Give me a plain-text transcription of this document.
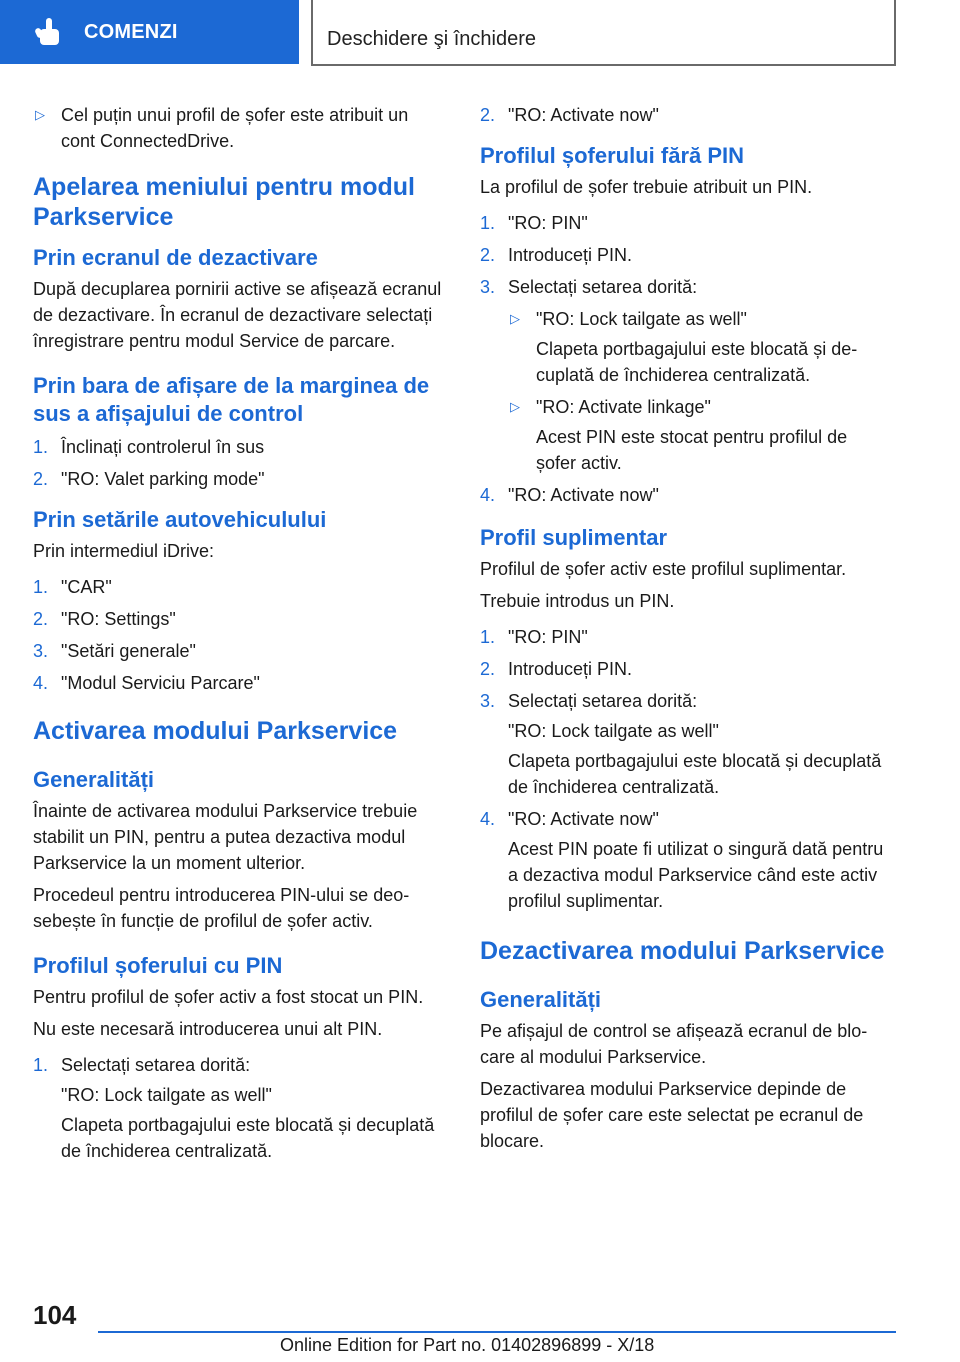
COMENZI	Deschidere şi închidere
▷ Cel puțin unui profil de șofer este atribuit un cont ConnectedDrive.
Apelarea meniului pentru modul Parkservice
Prin ecranul de dezactivare

După decuplarea pornirii active se afișează ecranul de dezactivare. În ecranul de dezactivare selectați înregistrare pentru modul Service de parcare.

Prin bara de afișare de la marginea de sus a afișajului de control
1. Înclinați controlerul în sus
2. "RO: Valet parking mode"
Prin setările autovehiculului

Prin intermediul iDrive:

1. "CAR"
2. "RO: Settings"
3. "Setări generale"
4. "Modul Serviciu Parcare"
Activarea modului Parkservice
Generalități

Înainte de activarea modului Parkservice trebuie stabilit un PIN, pentru a putea dezactiva modul Parkservice la un moment ulterior.

Procedeul pentru introducerea PIN-ului se deosebește în funcție de profilul de șofer activ.

Profilul șoferului cu PIN

Pentru profilul de șofer activ a fost stocat un PIN.

Nu este necesară introducerea unui alt PIN.

1. Selectați setarea dorită:
"RO: Lock tailgate as well"
Clapeta portbagajului este blocată și decuplată de închiderea centralizată.
2. "RO: Activate now"
Profilul șoferului fără PIN

La profilul de șofer trebuie atribuit un PIN.

1. "RO: PIN"
2. Introduceți PIN.
3. Selectați setarea dorită:
▷ "RO: Lock tailgate as well"
Clapeta portbagajului este blocată și decuplată de închiderea centralizată.
▷ "RO: Activate linkage"
Acest PIN este stocat pentru profilul de șofer activ.
4. "RO: Activate now"
Profil suplimentar

Profilul de șofer activ este profilul suplimentar.

Trebuie introdus un PIN.

1. "RO: PIN"
2. Introduceți PIN.
3. Selectați setarea dorită:
"RO: Lock tailgate as well"
Clapeta portbagajului este blocată și decuplată de închiderea centralizată.
4. "RO: Activate now"
Acest PIN poate fi utilizat o singură dată pentru a dezactiva modul Parkservice când este activ profilul suplimentar.
Dezactivarea modului Parkservice
Generalități

Pe afișajul de control se afișează ecranul de blocare al modului Parkservice.

Dezactivarea modului Parkservice depinde de profilul de șofer care este selectat pe ecranul de blocare.

104
Online Edition for Part no. 01402896899 - X/18
